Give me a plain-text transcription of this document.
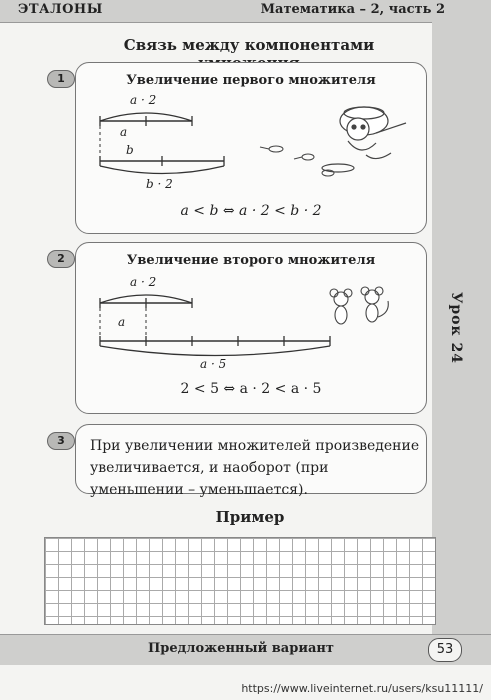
ЭТАЛОНЫ	Математика – 2, часть 2
Урок 24
Связь между компонентами
1	Увеличение первого множителя
a · 2
a
b
b · 2
a < b ⇔ a · 2 < b · 2
2	Увеличение второго множителя
a · 2
a
a · 5
2 < 5 ⇔ a · 2 < a · 5
3	При увеличении множителей произведение увеличивается, и наоборот (при уменьшении – уменьшается).
Пример
Предложенный вариант	53
https://www.liveinternet.ru/users/ksu11111/
